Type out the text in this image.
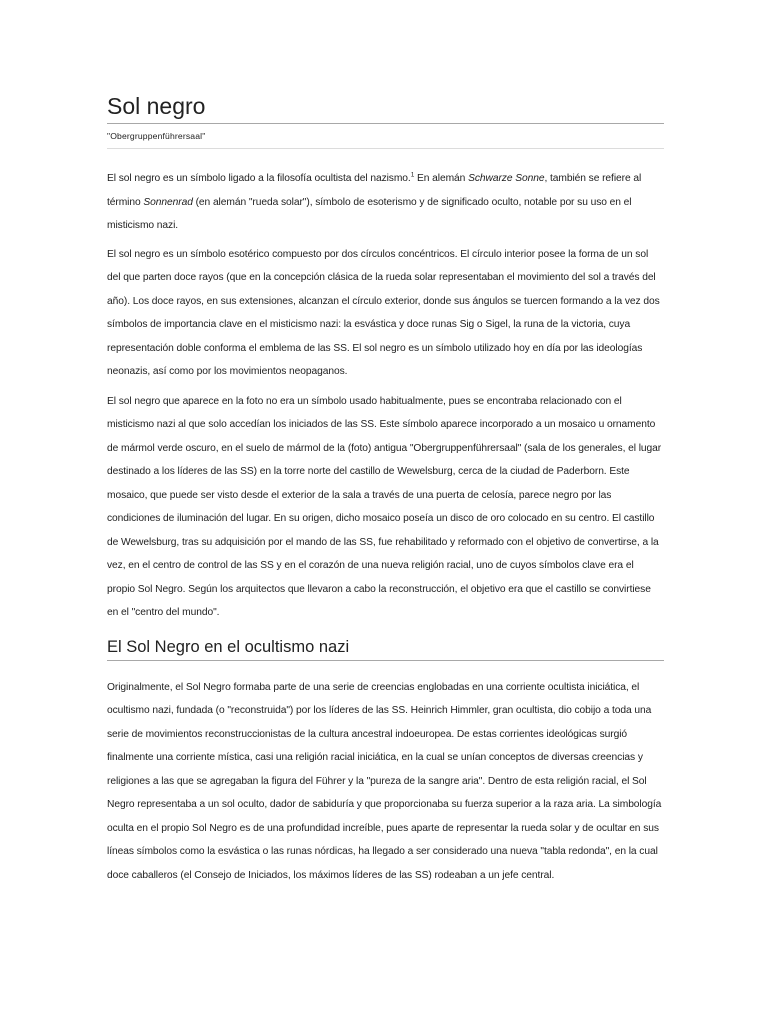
Sol negro
"Obergruppenführersaal"

El sol negro es un símbolo ligado a la filosofía ocultista del nazismo.$^1$ En alemán Schwarze Sonne, también se refiere al término Sonnenrad (en alemán "rueda solar"), símbolo de esoterismo y de significado oculto, notable por su uso en el misticismo nazi.

El sol negro es un símbolo esotérico compuesto por dos círculos concéntricos. El círculo interior posee la forma de un sol del que parten doce rayos (que en la concepción clásica de la rueda solar representaban el movimiento del sol a través del año). Los doce rayos, en sus extensiones, alcanzan el círculo exterior, donde sus ángulos se tuercen formando a la vez dos símbolos de importancia clave en el misticismo nazi: la esvástica y doce runas Sig o Sigel, la runa de la victoria, cuya representación doble conforma el emblema de las SS. El sol negro es un símbolo utilizado hoy en día por las ideologías neonazis, así como por los movimientos neopaganos.

El sol negro que aparece en la foto no era un símbolo usado habitualmente, pues se encontraba relacionado con el misticismo nazi al que solo accedían los iniciados de las SS. Este símbolo aparece incorporado a un mosaico u ornamento de mármol verde oscuro, en el suelo de mármol de la (foto) antigua "Obergruppenführersaal" (sala de los generales, el lugar destinado a los líderes de las SS) en la torre norte del castillo de Wewelsburg, cerca de la ciudad de Paderborn. Este mosaico, que puede ser visto desde el exterior de la sala a través de una puerta de celosía, parece negro por las condiciones de iluminación del lugar. En su origen, dicho mosaico poseía un disco de oro colocado en su centro. El castillo de Wewelsburg, tras su adquisición por el mando de las SS, fue rehabilitado y reformado con el objetivo de convertirse, a la vez, en el centro de control de las SS y en el corazón de una nueva religión racial, uno de cuyos símbolos clave era el propio Sol Negro. Según los arquitectos que llevaron a cabo la reconstrucción, el objetivo era que el castillo se convirtiese en el "centro del mundo".

El Sol Negro en el ocultismo nazi

Originalmente, el Sol Negro formaba parte de una serie de creencias englobadas en una corriente ocultista iniciática, el ocultismo nazi, fundada (o "reconstruida") por los líderes de las SS. Heinrich Himmler, gran ocultista, dio cobijo a toda una serie de movimientos reconstruccionistas de la cultura ancestral indoeuropea. De estas corrientes ideológicas surgió finalmente una corriente mística, casi una religión racial iniciática, en la cual se unían conceptos de diversas creencias y religiones a las que se agregaban la figura del Führer y la "pureza de la sangre aria". Dentro de esta religión racial, el Sol Negro representaba a un sol oculto, dador de sabiduría y que proporcionaba su fuerza superior a la raza aria. La simbología oculta en el propio Sol Negro es de una profundidad increíble, pues aparte de representar la rueda solar y de ocultar en sus líneas símbolos como la esvástica o las runas nórdicas, ha llegado a ser considerado una nueva "tabla redonda", en la cual doce caballeros (el Consejo de Iniciados, los máximos líderes de las SS) rodeaban a un jefe central.
